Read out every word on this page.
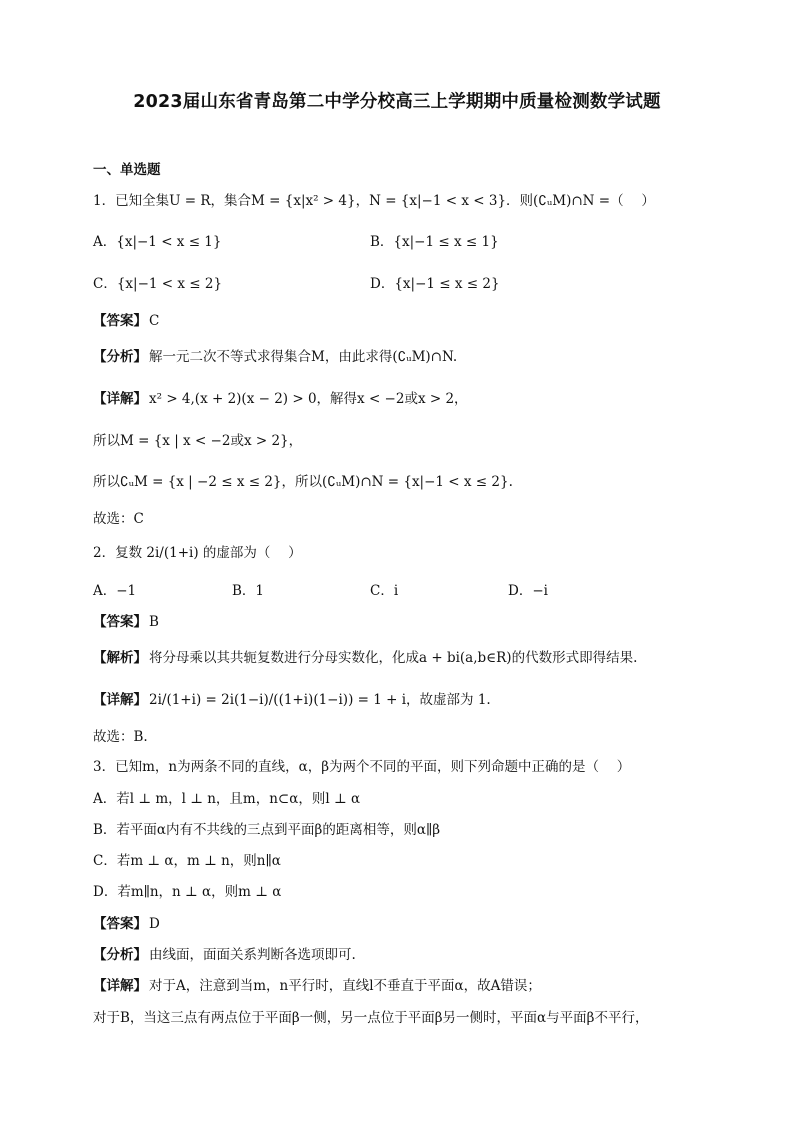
2023届山东省青岛第二中学分校高三上学期期中质量检测数学试题
一、单选题
1．已知全集U = R，集合M = {x|x² > 4}，N = {x|−1 < x < 3}．则(∁ᵤM)∩N =（　 ）
A．{x|−1 < x ≤ 1}	B．{x|−1 ≤ x ≤ 1}
C．{x|−1 < x ≤ 2}	D．{x|−1 ≤ x ≤ 2}
【答案】 C
【分析】 解一元二次不等式求得集合M，由此求得(∁ᵤM)∩N.
【详解】 x² > 4,(x + 2)(x − 2) > 0，解得x < −2或x > 2，
所以M = {x | x < −2或x > 2}，
所以∁ᵤM = {x | −2 ≤ x ≤ 2}，所以(∁ᵤM)∩N = {x|−1 < x ≤ 2}.
故选：C
2．复数 2i/(1+i) 的虚部为（　 ）
A．−1	B．1	C．i	D．−i
【答案】 B
【解析】 将分母乘以其共轭复数进行分母实数化，化成a + bi(a,b∈R)的代数形式即得结果.
【详解】 2i/(1+i) = 2i(1−i)/((1+i)(1−i)) = 1 + i，故虚部为 1.
故选：B.
3．已知m，n为两条不同的直线，α，β为两个不同的平面，则下列命题中正确的是（　 ）
A．若l ⊥ m，l ⊥ n，且m，n⊂α，则l ⊥ α
B．若平面α内有不共线的三点到平面β的距离相等，则α∥β
C．若m ⊥ α，m ⊥ n，则n∥α
D．若m∥n，n ⊥ α，则m ⊥ α
【答案】 D
【分析】 由线面，面面关系判断各选项即可.
【详解】 对于A，注意到当m，n平行时，直线l不垂直于平面α，故A错误；
对于B，当这三点有两点位于平面β一侧，另一点位于平面β另一侧时，平面α与平面β不平行，
